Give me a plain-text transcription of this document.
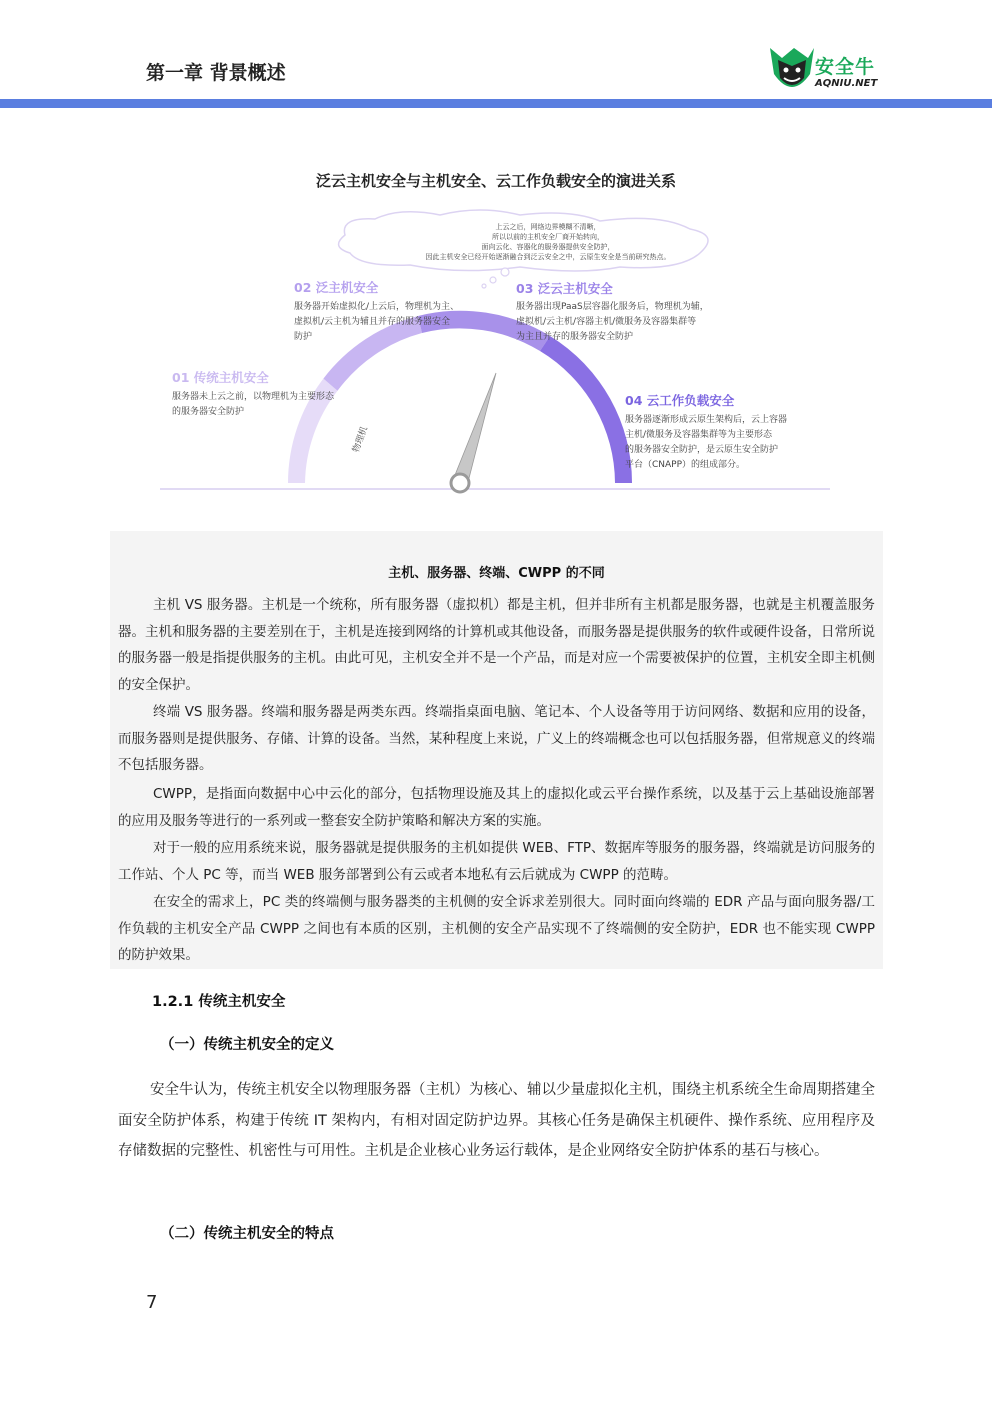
第一章 背景概述	安全牛
AQNIU.NET
泛云主机安全与主机安全、云工作负载安全的演进关系
物理机
IaaS云	PaaS云
云原生
上云之后，网络边界模糊不清晰，
所以以前的主机安全厂商开始转向，
面向云化、容器化的服务器提供安全防护，
因此主机安全已经开始逐渐融合到泛云安全之中，云原生安全是当前研究热点。
01 传统主机安全
服务器未上云之前，以物理机为主要形态
的服务器安全防护
02 泛主机安全
服务器开始虚拟化/上云后，物理机为主、
虚拟机/云主机为辅且并存的服务器安全
防护
03 泛云主机安全
服务器出现PaaS层容器化服务后，物理机为辅，
虚拟机/云主机/容器主机/微服务及容器集群等
为主且并存的服务器安全防护
04 云工作负载安全
服务器逐渐形成云原生架构后，云上容器
主机/微服务及容器集群等为主要形态
的服务器安全防护，是云原生安全防护
平台（CNAPP）的组成部分。
主机、服务器、终端、CWPP 的不同
主机 VS 服务器。主机是一个统称，所有服务器（虚拟机）都是主机，但并非所有主机都是服务器，也就是主机覆盖服务器。主机和服务器的主要差别在于，主机是连接到网络的计算机或其他设备，而服务器是提供服务的软件或硬件设备，日常所说的服务器一般是指提供服务的主机。由此可见，主机安全并不是一个产品，而是对应一个需要被保护的位置，主机安全即主机侧的安全保护。
终端 VS 服务器。终端和服务器是两类东西。终端指桌面电脑、笔记本、个人设备等用于访问网络、数据和应用的设备，而服务器则是提供服务、存储、计算的设备。当然，某种程度上来说，广义上的终端概念也可以包括服务器，但常规意义的终端不包括服务器。
CWPP，是指面向数据中心中云化的部分，包括物理设施及其上的虚拟化或云平台操作系统，以及基于云上基础设施部署的应用及服务等进行的一系列或一整套安全防护策略和解决方案的实施。
对于一般的应用系统来说，服务器就是提供服务的主机如提供 WEB、FTP、数据库等服务的服务器，终端就是访问服务的工作站、个人 PC 等，而当 WEB 服务部署到公有云或者本地私有云后就成为 CWPP 的范畴。
在安全的需求上，PC 类的终端侧与服务器类的主机侧的安全诉求差别很大。同时面向终端的 EDR 产品与面向服务器/工作负载的主机安全产品 CWPP 之间也有本质的区别，主机侧的安全产品实现不了终端侧的安全防护，EDR 也不能实现 CWPP 的防护效果。
1.2.1 传统主机安全
（一）传统主机安全的定义
安全牛认为，传统主机安全以物理服务器（主机）为核心、辅以少量虚拟化主机，围绕主机系统全生命周期搭建全面安全防护体系，构建于传统 IT 架构内，有相对固定防护边界。其核心任务是确保主机硬件、操作系统、应用程序及存储数据的完整性、机密性与可用性。主机是企业核心业务运行载体，是企业网络安全防护体系的基石与核心。
（二）传统主机安全的特点
7
